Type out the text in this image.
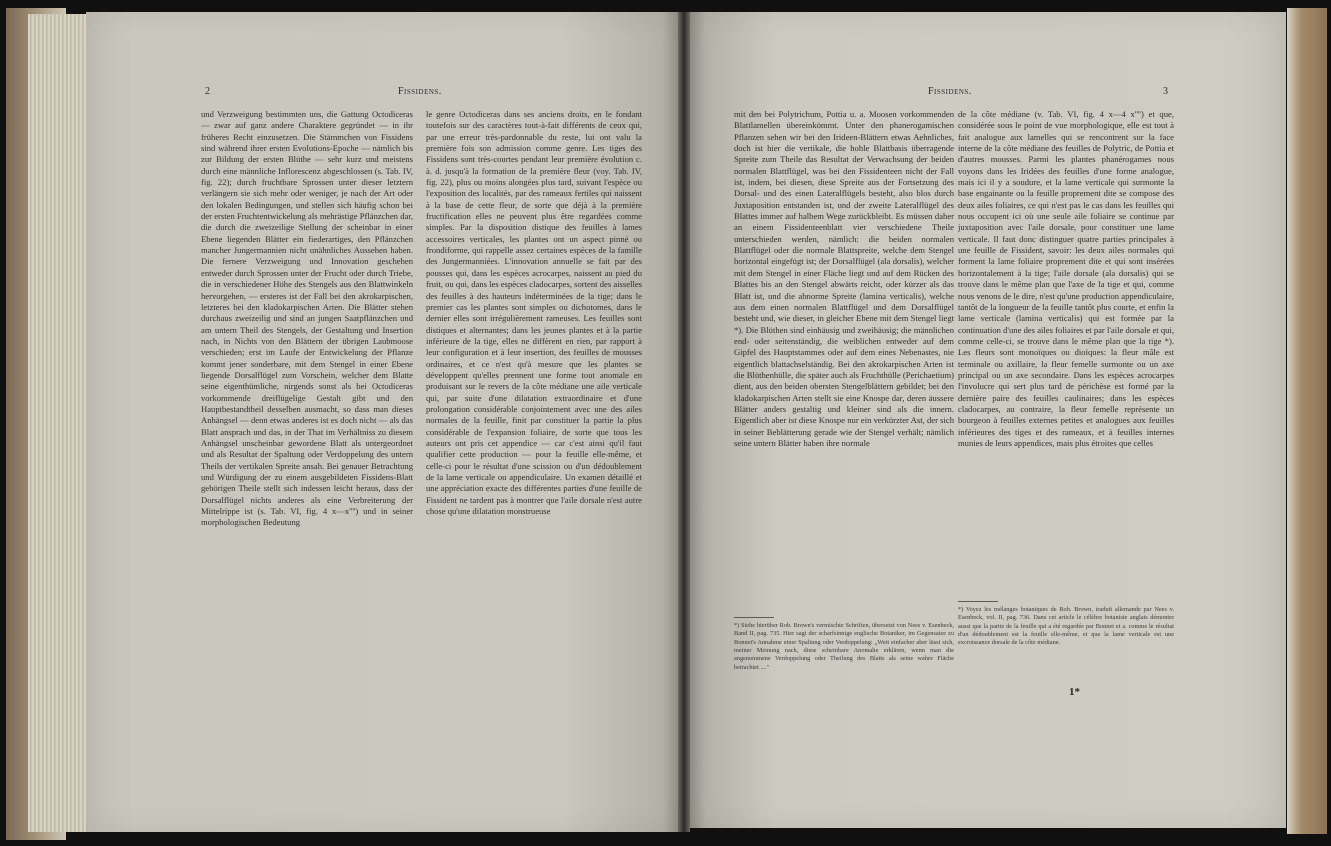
2	Fissidens.

und Verzweigung bestimmten uns, die Gattung Octodiceras — zwar auf ganz andere Charaktere gegründet — in ihr früheres Recht einzusetzen. Die Stämmchen von Fissidens sind während ihrer ersten Evolutions-Epoche — nämlich bis zur Bildung der ersten Blüthe — sehr kurz und meistens durch eine männliche Inflorescenz abgeschlossen (s. Tab. IV, fig. 22); durch fruchtbare Sprossen unter dieser letztern verlängern sie sich mehr oder weniger, je nach der Art oder den lokalen Bedingungen, und stellen sich häufig schon bei der ersten Fruchtentwickelung als mehrästige Pflänzchen dar, die durch die zweizeilige Stellung der scheinbar in einer Ebene liegenden Blätter ein fiederartiges, den Pflänzchen mancher Jungermannien nicht unähnliches Aussehen haben. Die fernere Verzweigung und Innovation geschehen entweder durch Sprossen unter der Frucht oder durch Triebe, die in verschiedener Höhe des Stengels aus den Blattwinkeln hervorgehen, — ersteres ist der Fall bei den akrokarpischen, letzteres bei den kladokarpischen Arten. Die Blätter stehen durchaus zweizeilig und sind an jungen Saatpflänzchen und am untern Theil des Stengels, der Gestaltung und Insertion nach, in Nichts von den Blättern der übrigen Laubmoose verschieden; erst im Laufe der Entwickelung der Pflanze kommt jener sonderbare, mit dem Stengel in einer Ebene liegende Dorsalflügel zum Vorschein, welcher dem Blatte seine eigenthümliche, nirgends sonst als bei Octodiceras vorkommende dreiflügelige Gestalt gibt und den Hauptbestandtheil desselben ausmacht, so dass man dieses Anhängsel — denn etwas anderes ist es doch nicht — als das Blatt ansprach und das, in der That im Verhältniss zu diesem Anhängsel unscheinbar gewordene Blatt als untergeordnet und als Resultat der Spaltung oder Verdoppelung des untern Theils der vertikalen Spreite ansah. Bei genauer Betrachtung und Würdigung der zu einem ausgebildeten Fissidens-Blatt gehörigen Theile stellt sich indessen leicht heraus, dass der Dorsalflügel nichts anderes als eine Verbreiterung der Mittelrippe ist (s. Tab. VI, fig. 4 x—x'''') und in seiner morphologischen Bedeutung

le genre Octodiceras dans ses anciens droits, en le fondant toutefois sur des caractères tout-à-fait différents de ceux qui, par une erreur très-pardonnable du reste, lui ont valu la première fois son admission comme genre. Les tiges des Fissidens sont très-courtes pendant leur première évolution c. à. d. jusqu'à la formation de la première fleur (voy. Tab. IV, fig. 22), plus ou moins alongées plus tard, suivant l'espèce ou l'exposition des localités, par des rameaux fertiles qui naissent à la base de cette fleur, de sorte que déjà à la première fructification elles ne peuvent plus être regardées comme simples. Par la disposition distique des feuilles à lames accessoires verticales, les plantes ont un aspect pinné ou frondiforme, qui rappelle assez certaines espèces de la famille des Jungermanniées. L'innovation annuelle se fait par des pousses qui, dans les espèces acrocarpes, naissent au pied du fruit, ou qui, dans les espèces cladocarpes, sortent des aisselles des feuilles à des hauteurs indéterminées de la tige; dans le premier cas les plantes sont simples ou dichotomes, dans le dernier elles sont irrégulièrement rameuses. Les feuilles sont distiques et alternantes; dans les jeunes plantes et à la partie inférieure de la tige, elles ne diffèrent en rien, par rapport à leur configuration et à leur insertion, des feuilles de mousses ordinaires, et ce n'est qu'à mesure que les plantes se développent qu'elles prennent une forme tout anomale en produisant sur le revers de la côte médiane une aile verticale qui, par suite d'une dilatation extraordinaire et d'une prolongation considérable conjointement avec une des ailes normales de la feuille, finit par constituer la partie la plus considérable de l'expansion foliaire, de sorte que tous les auteurs ont pris cet appendice — car c'est ainsi qu'il faut qualifier cette production — pour la feuille elle-même, et celle-ci pour le résultat d'une scission ou d'un dédoublement de la lame verticale ou appendiculaire. Un examen détaillé et une appréciation exacte des différentes parties d'une feuille de Fissident ne tardent pas à montrer que l'aile dorsale n'est autre chose qu'une dilatation monstrueuse

Fissidens.	3

mit den bei Polytrichum, Pottia u. a. Moosen vorkommenden Blattlamellen übereinkömmt. Unter den phanerogamischen Pflanzen sehen wir bei den Irideen-Blättern etwas Aehnliches, doch ist hier die vertikale, die hohle Blattbasis überragende Spreite zum Theile das Resultat der Verwachsung der beiden normalen Blattflügel, was bei den Fissidenteen nicht der Fall ist, indem, bei diesen, diese Spreite aus der Fortsetzung des Dorsal- und des einen Lateralflügels besteht, also blos durch Juxtaposition entstanden ist, und der zweite Lateralflügel des Blattes immer auf halbem Wege zurückbleibt. Es müssen daher an einem Fissidenteenblatt vier verschiedene Theile unterschieden werden, nämlich: die beiden normalen Blattflügel oder die normale Blattspreite, welche dem Stengel horizontal eingefügt ist; der Dorsalflügel (ala dorsalis), welcher mit dem Stengel in einer Fläche liegt und auf dem Rücken des Blattes bis an den Stengel abwärts reicht, oder kürzer als das Blatt ist, und die abnorme Spreite (lamina verticalis), welche aus dem einen normalen Blattflügel und dem Dorsalflügel besteht und, wie dieser, in gleicher Ebene mit dem Stengel liegt *). Die Blüthen sind einhäusig und zweihäusig; die männlichen end- oder seitenständig, die weiblichen entweder auf dem Gipfel des Hauptstammes oder auf dem eines Nebenastes, nie eigentlich blattachselständig. Bei den akrokarpischen Arten ist die Blüthenhülle, die später auch als Fruchthülle (Perichaetium) dient, aus den beiden obersten Stengelblättern gebildet; bei den kladokarpischen Arten stellt sie eine Knospe dar, deren äussere Blätter anders gestaltig und kleiner sind als die innern. Eigentlich aber ist diese Knospe nur ein verkürzter Ast, der sich in seiner Beblätterung gerade wie der Stengel verhält; nämlich seine untern Blätter haben ihre normale

de la côte médiane (v. Tab. VI, fig. 4 x—4 x'''') et que, considérée sous le point de vue morphologique, elle est tout à fait analogue aux lamelles qui se rencontrent sur la face interne de la côte médiane des feuilles de Polytric, de Pottia et d'autres mousses. Parmi les plantes phanérogames nous voyons dans les Iridées des feuilles d'une forme analogue, mais ici il y a soudure, et la lame verticale qui surmonte la base engainante ou la feuille proprement dite se compose des deux ailes foliaires, ce qui n'est pas le cas dans les feuilles qui nous occupent ici où une seule aile foliaire se continue par juxtaposition avec l'aile dorsale, pour constituer une lame verticale. Il faut donc distinguer quatre parties principales à une feuille de Fissident, savoir: les deux ailes normales qui forment la lame foliaire proprement dite et qui sont insérées horizontalement à la tige; l'aile dorsale (ala dorsalis) qui se trouve dans le même plan que l'axe de la tige et qui, comme nous venons de le dire, n'est qu'une production appendiculaire, tantôt de la longueur de la feuille tantôt plus courte, et enfin la lame verticale (lamina verticalis) qui est formée par la continuation d'une des ailes foliaires et par l'aile dorsale et qui, comme celle-ci, se trouve dans le même plan que la tige *). Les fleurs sont monoïques ou dioïques: la fleur mâle est terminale ou axillaire, la fleur femelle surmonte ou un axe principal ou un axe secondaire. Dans les espèces acrocarpes l'involucre qui sert plus tard de périchèse est formé par la dernière paire des feuilles caulinaires; dans les espèces cladocarpes, au contraire, la fleur femelle représente un bourgeon à feuilles externes petites et analogues aux feuilles inférieures des tiges et des rameaux, et à feuilles internes munies de leurs appendices, mais plus étroites que celles

*) Siehe hierüber Rob. Brown's vermischte Schriften, übersetzt von Nees v. Esenbeck, Band II, pag. 735. Hier sagt der scharfsinnige englische Botaniker, im Gegensatze zu Bonnet's Annahme einer Spaltung oder Verdoppelung: „Weit einfacher aber lässt sich, meiner Meinung nach, diese scheinbare Anomalie erklären, wenn man die angenommene Verdoppelung oder Theilung des Blatts als seine wahre Fläche betrachtet ...."
*) Voyez les mélanges botaniques de Rob. Brown, traduit allemande par Nees v. Esenbeck, vol. II, pag. 736. Dans cet article le célèbre botaniste anglais démontre aussi que la partie de la feuille qui a été regardée par Bonnet et a. comme le résultat d'un dédoublement est la feuille elle-même, et que la lame verticale est une excroissance dorsale de la côte médiane.
1*
